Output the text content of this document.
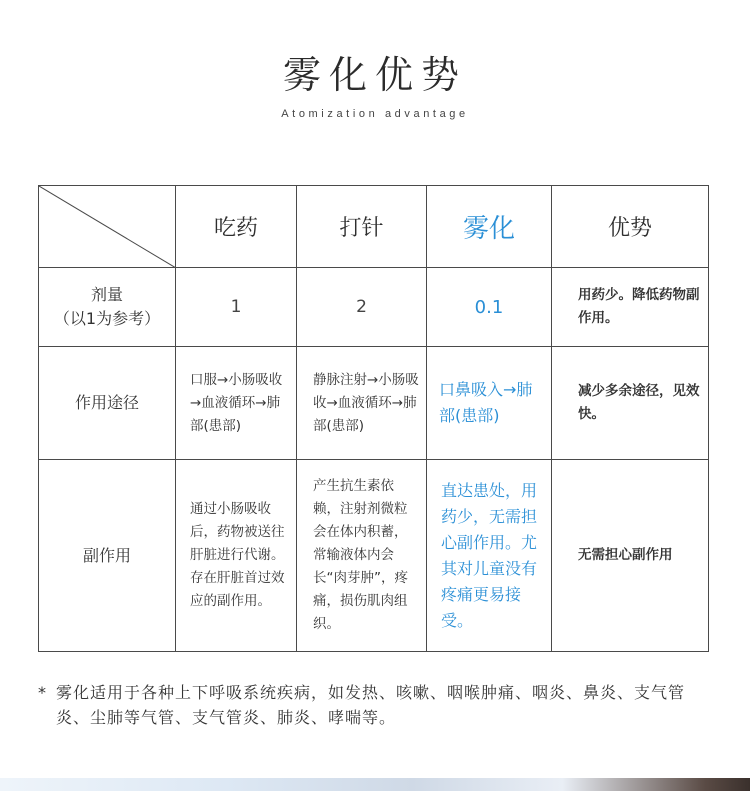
雾化优势
Atomization advantage
	吃药	打针	雾化	优势

剂量
（以1为参考）	1	2	0.1	用药少。降低药物副作用。
作用途径	口服→小肠吸收→血液循环→肺部(患部)	静脉注射→小肠吸收→血液循环→肺部(患部)	口鼻吸入→肺部(患部)	减少多余途径，见效快。
副作用	通过小肠吸收后，药物被送往肝脏进行代谢。存在肝脏首过效应的副作用。	产生抗生素依赖，注射剂微粒会在体内积蓄，常输液体内会长“肉芽肿”，疼痛，损伤肌肉组织。	直达患处，用药少，无需担心副作用。尤其对儿童没有疼痛更易接受。	无需担心副作用
* 雾化适用于各种上下呼吸系统疾病，如发热、咳嗽、咽喉肿痛、咽炎、鼻炎、支气管炎、尘肺等气管、支气管炎、肺炎、哮喘等。
